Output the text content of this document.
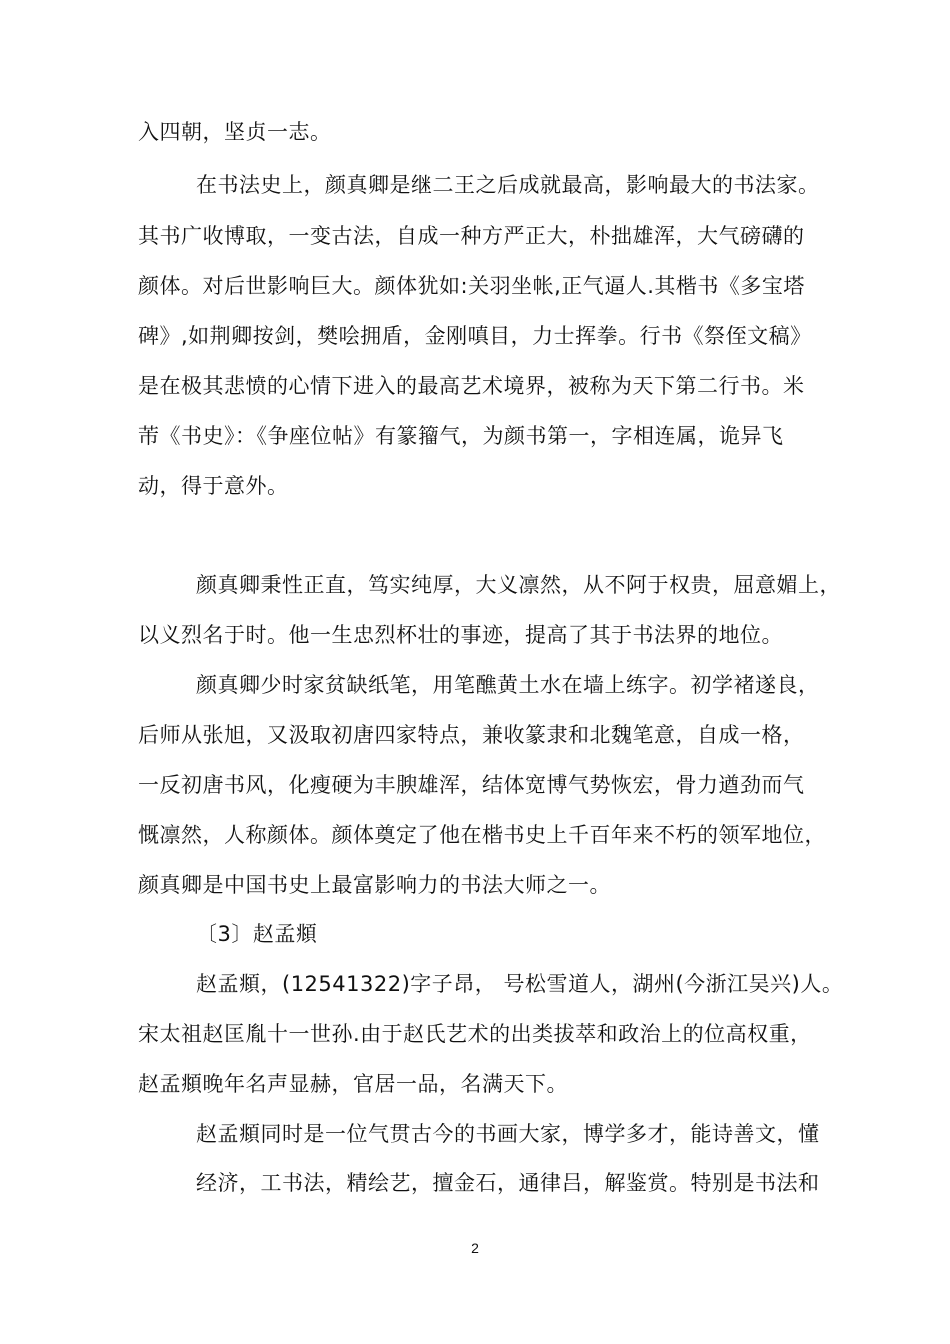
入四朝，坚贞一志。
在书法史上，颜真卿是继二王之后成就最高，影响最大的书法家。
其书广收博取，一变古法，自成一种方严正大，朴拙雄浑，大气磅礴的
颜体。对后世影响巨大。颜体犹如:关羽坐帐,正气逼人.其楷书《多宝塔
碑》,如荆卿按剑，樊哙拥盾，金刚嗔目，力士挥拳。行书《祭侄文稿》
是在极其悲愤的心情下进入的最高艺术境界，被称为天下第二行书。米
芾《书史》：《争座位帖》有篆籀气，为颜书第一，字相连属，诡异飞
动，得于意外。
颜真卿秉性正直，笃实纯厚，大义凛然，从不阿于权贵，屈意媚上，
以义烈名于时。他一生忠烈杯壮的事迹，提高了其于书法界的地位。
颜真卿少时家贫缺纸笔，用笔醮黄土水在墙上练字。初学褚遂良，
后师从张旭，又汲取初唐四家特点，兼收篆隶和北魏笔意，自成一格，
一反初唐书风，化瘦硬为丰腴雄浑，结体宽博气势恢宏，骨力遒劲而气
慨凛然，人称颜体。颜体奠定了他在楷书史上千百年来不朽的领军地位，
颜真卿是中国书史上最富影响力的书法大师之一。
〔3〕赵孟頫
赵孟頫，(12541322)字子昂， 号松雪道人，湖州(今浙江吴兴)人。
宋太祖赵匡胤十一世孙.由于赵氏艺术的出类拔萃和政治上的位高权重，
赵孟頫晚年名声显赫，官居一品，名满天下。
赵孟頫同时是一位气贯古今的书画大家，博学多才，能诗善文，懂
经济，工书法，精绘艺，擅金石，通律吕，解鉴赏。特别是书法和
2
